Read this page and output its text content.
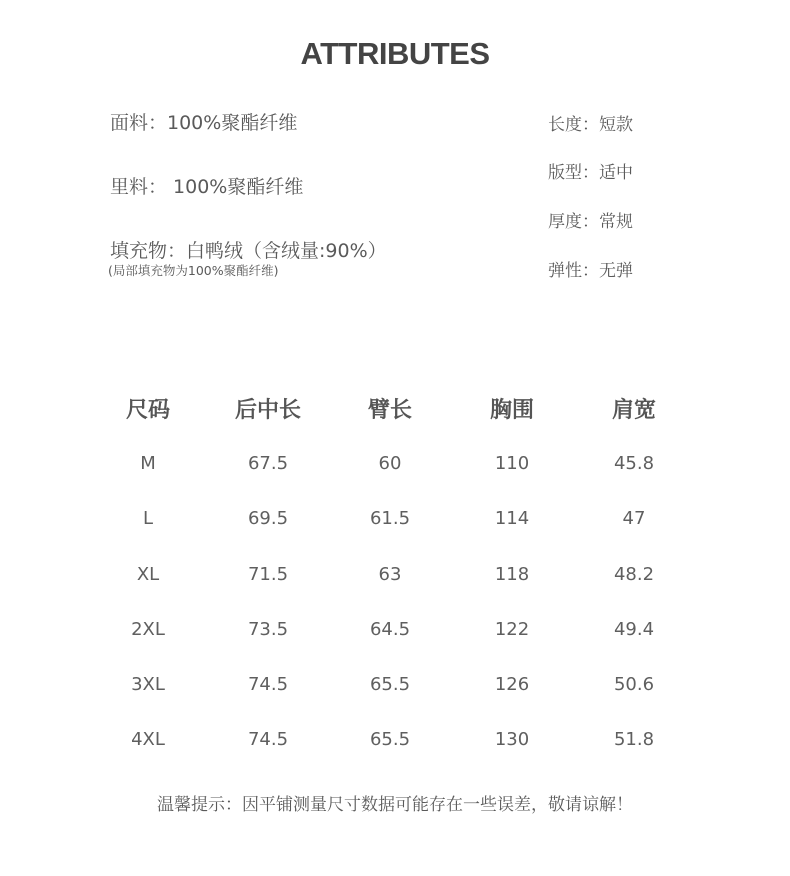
ATTRIBUTES
面料：100%聚酯纤维
里料： 100%聚酯纤维
填充物：白鸭绒（含绒量:90%）
(局部填充物为100%聚酯纤维)
长度：短款
版型：适中
厚度：常规
弹性：无弹
尺码	后中长	臂长	胸围	肩宽
M	67.5	60	110	45.8
L	69.5	61.5	114	47
XL	71.5	63	118	48.2
2XL	73.5	64.5	122	49.4
3XL	74.5	65.5	126	50.6
4XL	74.5	65.5	130	51.8
温馨提示：因平铺测量尺寸数据可能存在一些误差，敬请谅解！
